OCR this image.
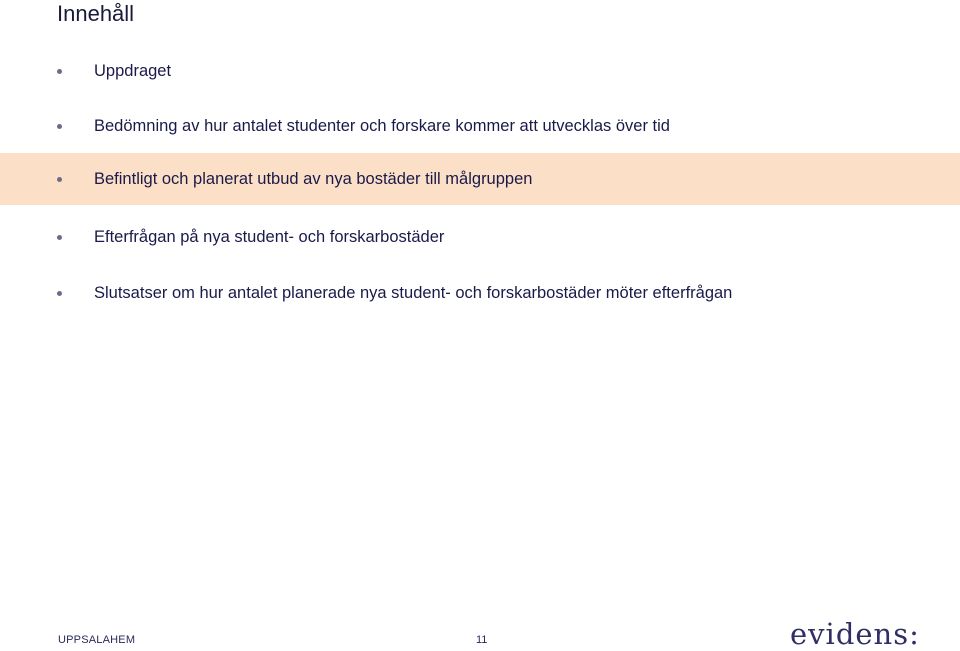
Innehåll
Uppdraget
Bedömning av hur antalet studenter och forskare kommer att utvecklas över tid
Befintligt och planerat utbud av nya bostäder till målgruppen
Efterfrågan på nya student- och forskarbostäder
Slutsatser om hur antalet planerade nya student- och forskarbostäder möter efterfrågan
UPPSALAHEM	11	evidens:
